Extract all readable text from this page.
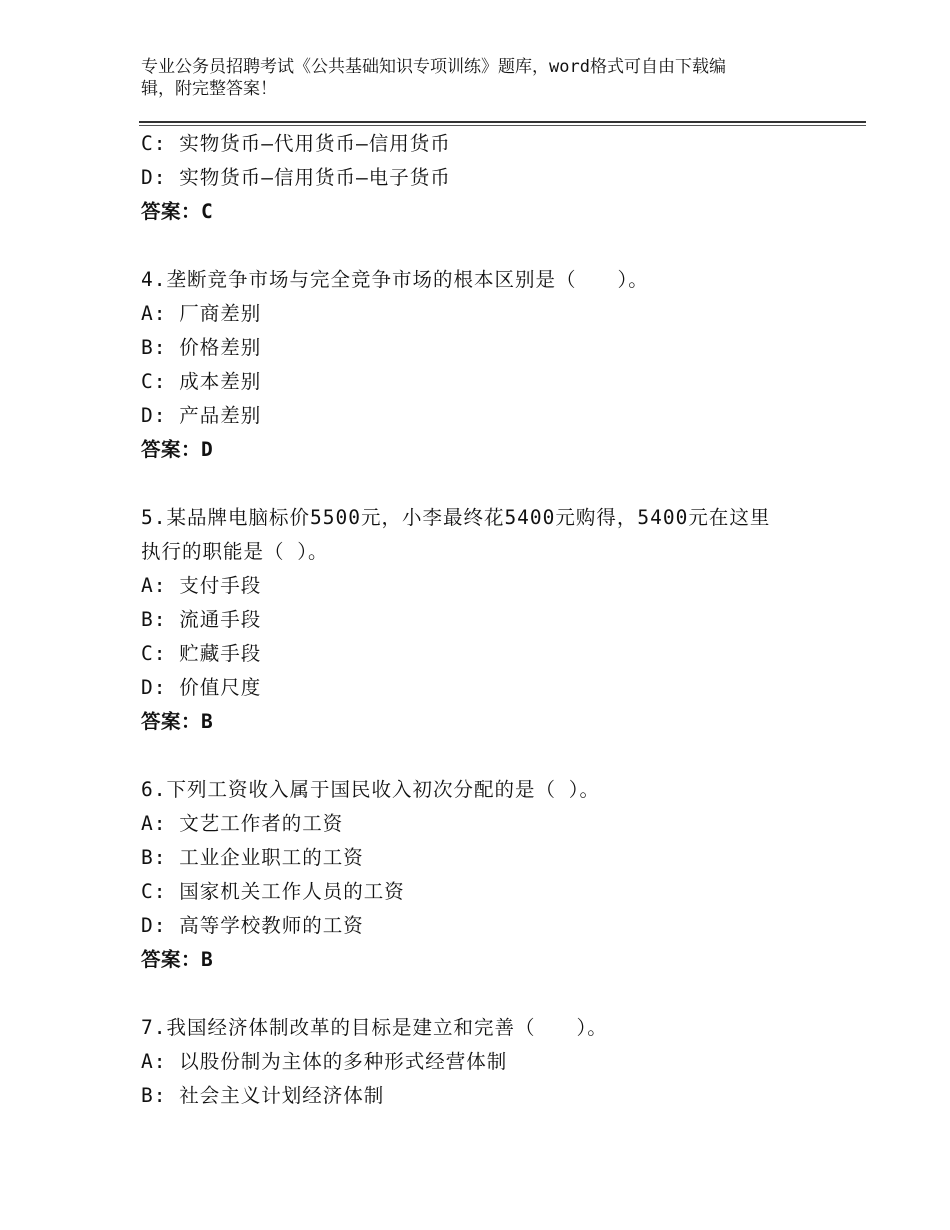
专业公务员招聘考试《公共基础知识专项训练》题库，word格式可自由下载编
辑，附完整答案！
C: 实物货币—代用货币—信用货币
D: 实物货币—信用货币—电子货币
答案：C
4.垄断竞争市场与完全竞争市场的根本区别是（　　）。
A: 厂商差别
B: 价格差别
C: 成本差别
D: 产品差别
答案：D
5.某品牌电脑标价5500元，小李最终花5400元购得，5400元在这里
执行的职能是（ ）。
A: 支付手段
B: 流通手段
C: 贮藏手段
D: 价值尺度
答案：B
6.下列工资收入属于国民收入初次分配的是（ ）。
A: 文艺工作者的工资
B: 工业企业职工的工资
C: 国家机关工作人员的工资
D: 高等学校教师的工资
答案：B
7.我国经济体制改革的目标是建立和完善（　　）。
A: 以股份制为主体的多种形式经营体制
B: 社会主义计划经济体制
